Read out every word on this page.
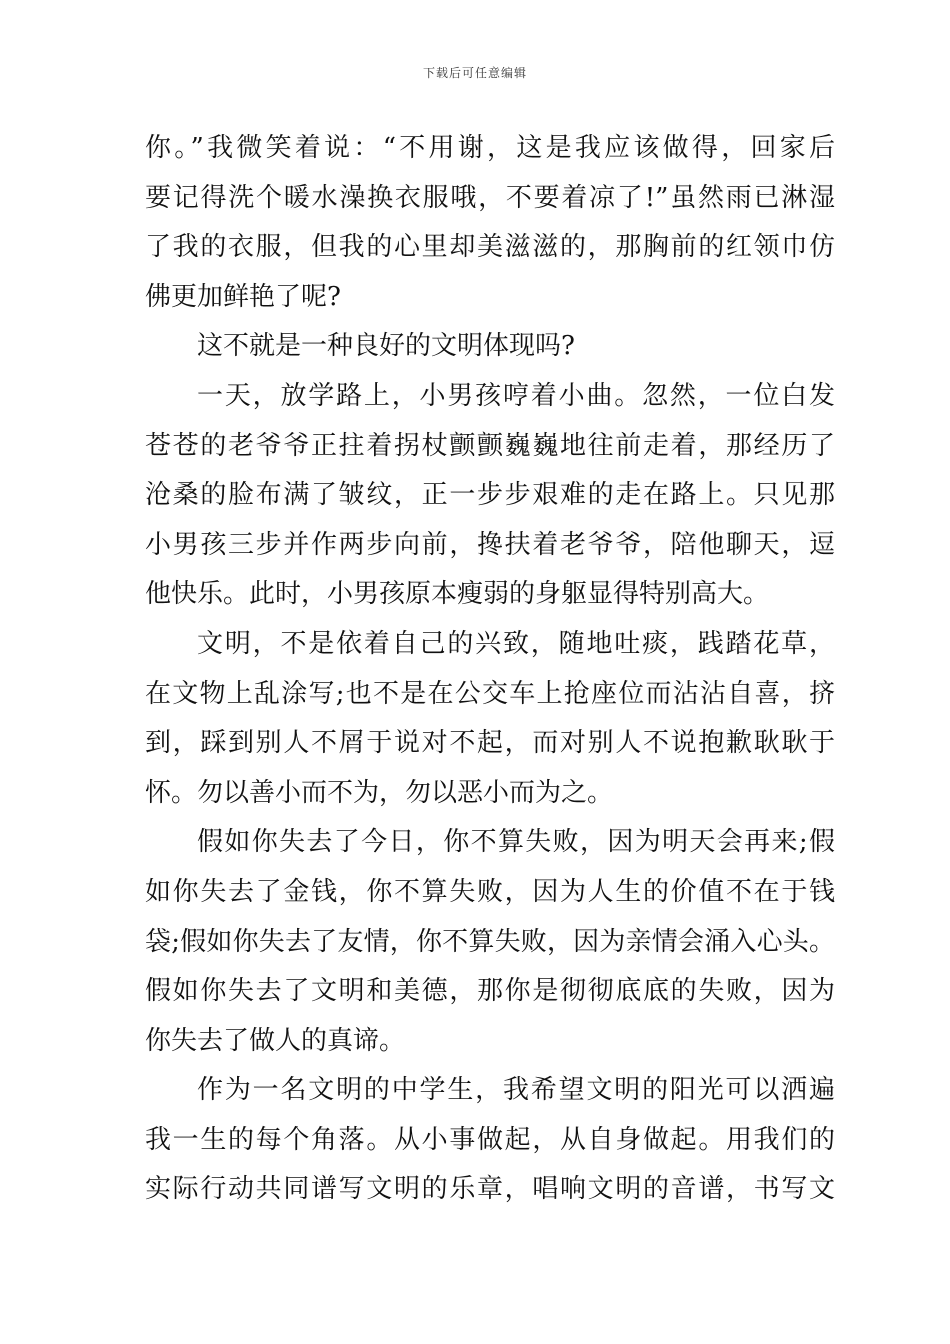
下载后可任意编辑
你。”我微笑着说：“不用谢，这是我应该做得，回家后
要记得洗个暖水澡换衣服哦，不要着凉了!”虽然雨已淋湿
了我的衣服，但我的心里却美滋滋的，那胸前的红领巾仿
佛更加鲜艳了呢?
这不就是一种良好的文明体现吗?
一天，放学路上，小男孩哼着小曲。忽然，一位白发
苍苍的老爷爷正拄着拐杖颤颤巍巍地往前走着，那经历了
沧桑的脸布满了皱纹，正一步步艰难的走在路上。只见那
小男孩三步并作两步向前，搀扶着老爷爷，陪他聊天，逗
他快乐。此时，小男孩原本瘦弱的身躯显得特别高大。
文明，不是依着自己的兴致，随地吐痰，践踏花草，
在文物上乱涂写;也不是在公交车上抢座位而沾沾自喜，挤
到，踩到别人不屑于说对不起，而对别人不说抱歉耿耿于
怀。勿以善小而不为，勿以恶小而为之。
假如你失去了今日，你不算失败，因为明天会再来;假
如你失去了金钱，你不算失败，因为人生的价值不在于钱
袋;假如你失去了友情，你不算失败，因为亲情会涌入心头。
假如你失去了文明和美德，那你是彻彻底底的失败，因为
你失去了做人的真谛。
作为一名文明的中学生，我希望文明的阳光可以洒遍
我一生的每个角落。从小事做起，从自身做起。用我们的
实际行动共同谱写文明的乐章，唱响文明的音谱，书写文
